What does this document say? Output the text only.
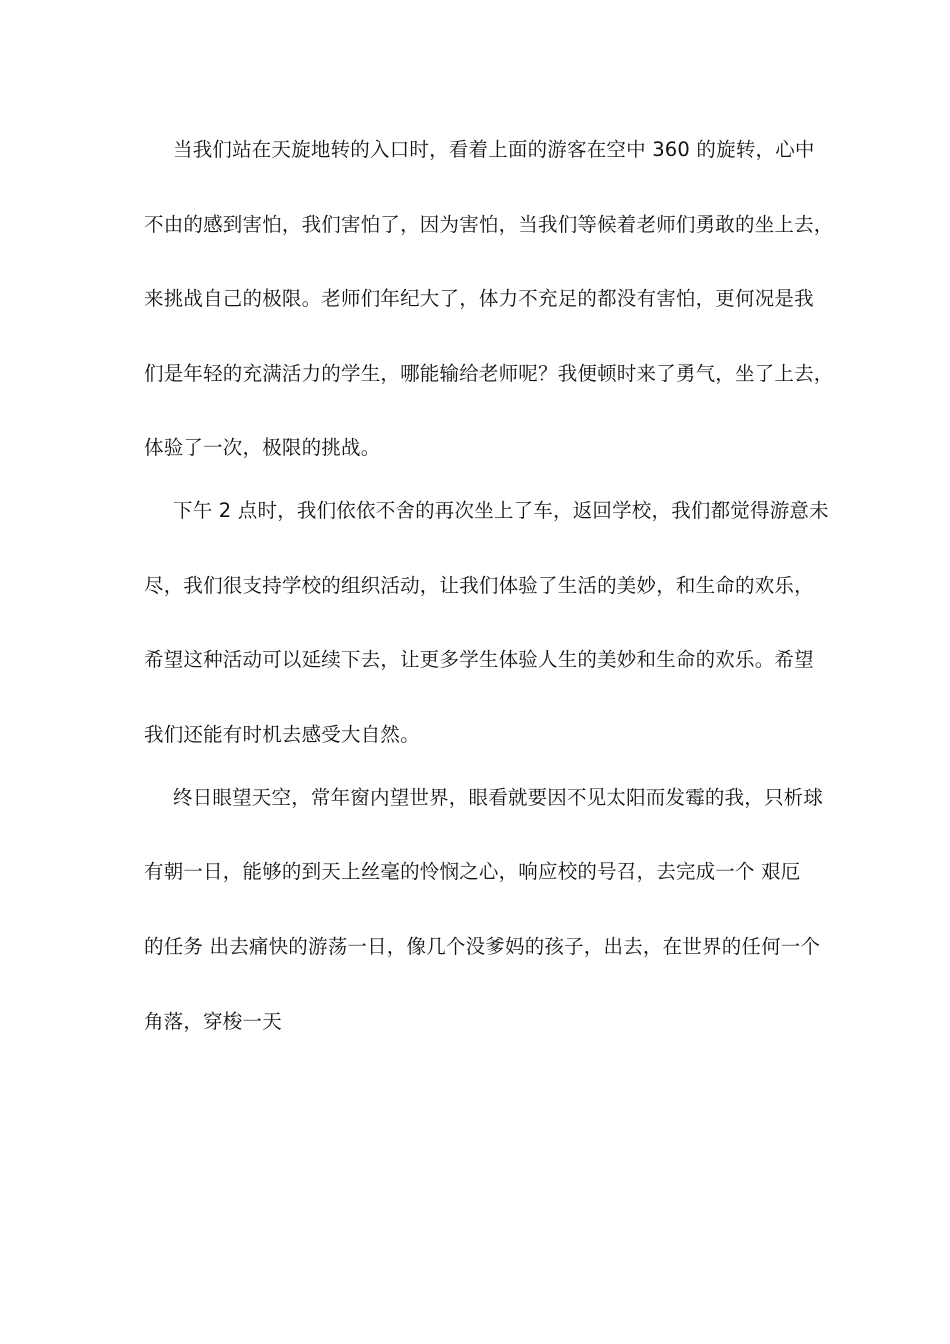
当我们站在天旋地转的入口时，看着上面的游客在空中 360 的旋转，心中
不由的感到害怕，我们害怕了，因为害怕，当我们等候着老师们勇敢的坐上去，
来挑战自己的极限。老师们年纪大了，体力不充足的都没有害怕，更何况是我
们是年轻的充满活力的学生，哪能输给老师呢？我便顿时来了勇气，坐了上去，
体验了一次，极限的挑战。
下午 2 点时，我们依依不舍的再次坐上了车，返回学校，我们都觉得游意未
尽，我们很支持学校的组织活动，让我们体验了生活的美妙，和生命的欢乐，
希望这种活动可以延续下去，让更多学生体验人生的美妙和生命的欢乐。希望
我们还能有时机去感受大自然。
终日眼望天空，常年窗内望世界，眼看就要因不见太阳而发霉的我，只析球
有朝一日，能够的到天上丝毫的怜悯之心，响应校的号召，去完成一个 艰厄
的任务 出去痛快的游荡一日，像几个没爹妈的孩子，出去，在世界的任何一个
角落，穿梭一天
